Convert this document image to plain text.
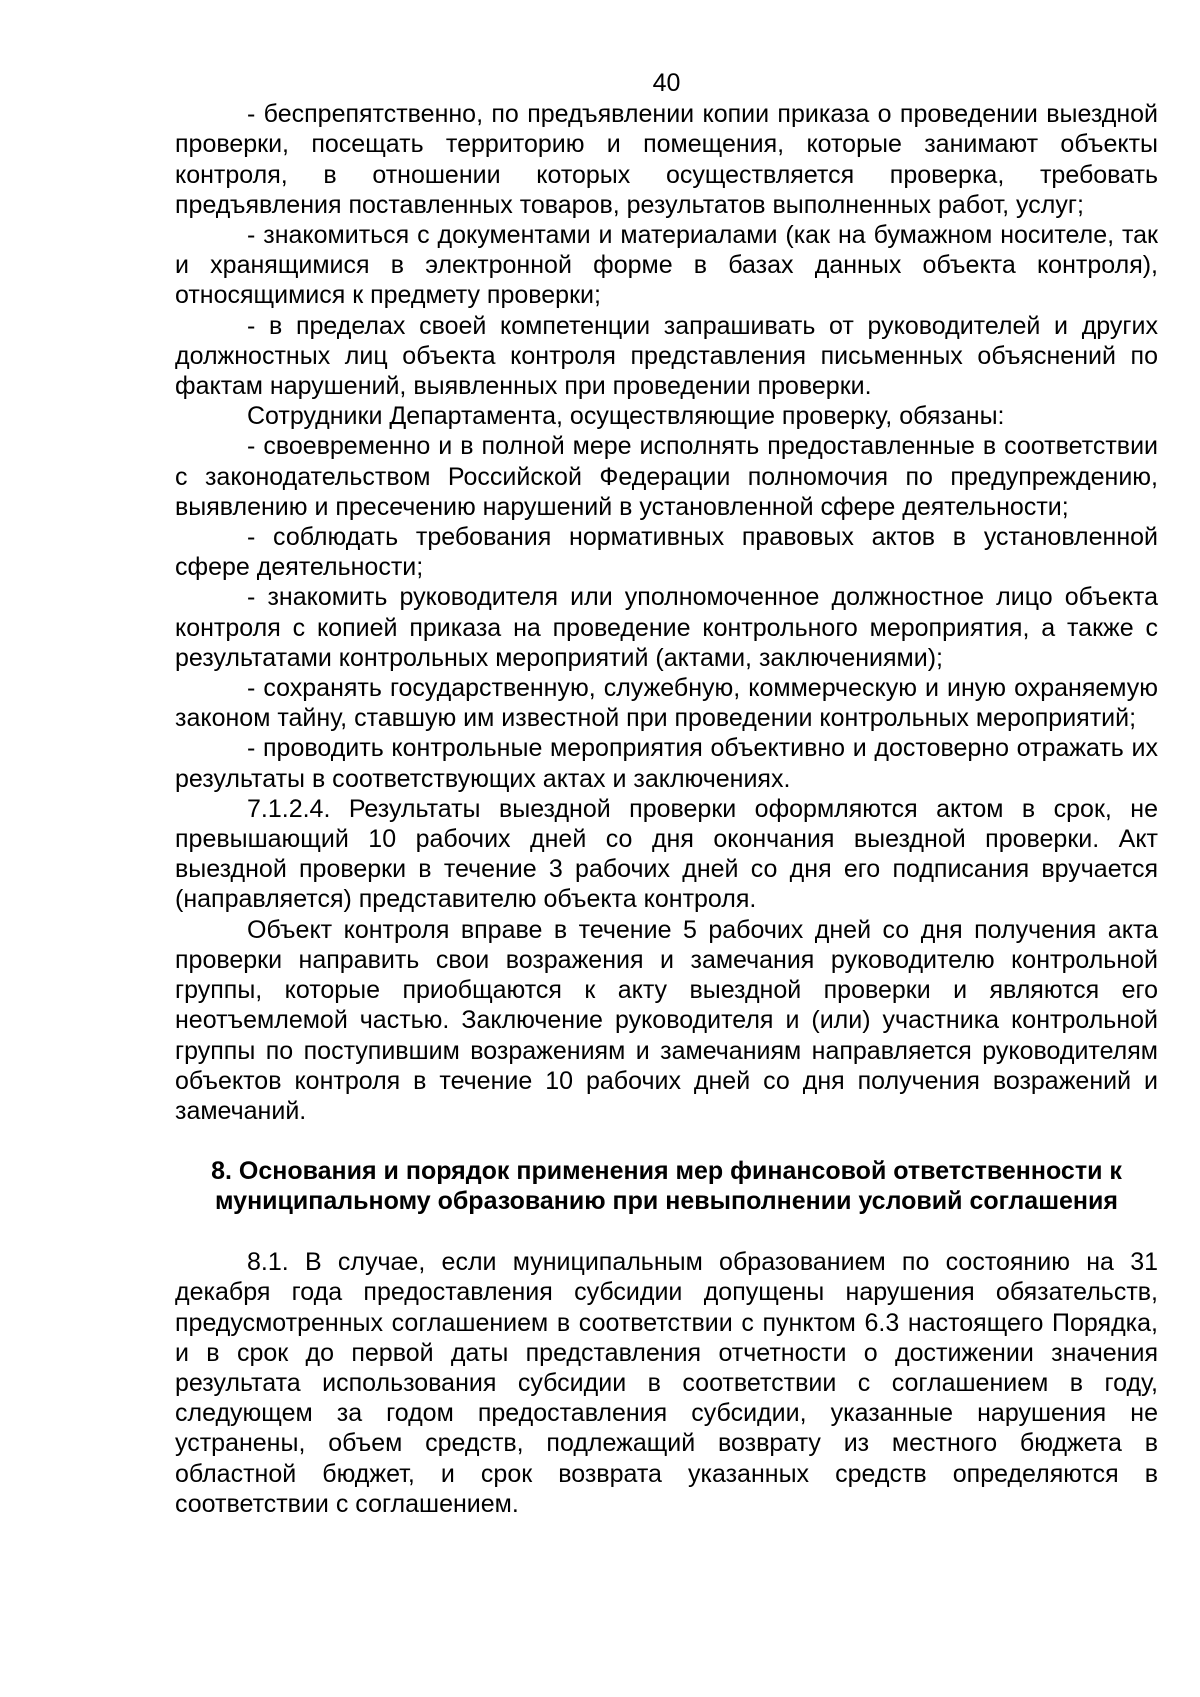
40

- беспрепятственно, по предъявлении копии приказа о проведении выездной проверки, посещать территорию и помещения, которые занимают объекты контроля, в отношении которых осуществляется проверка, требовать предъявления поставленных товаров, результатов выполненных работ, услуг;

- знакомиться с документами и материалами (как на бумажном носителе, так и хранящимися в электронной форме в базах данных объекта контроля), относящимися к предмету проверки;

- в пределах своей компетенции запрашивать от руководителей и других должностных лиц объекта контроля представления письменных объяснений по фактам нарушений, выявленных при проведении проверки.

Сотрудники Департамента, осуществляющие проверку, обязаны:

- своевременно и в полной мере исполнять предоставленные в соответствии с законодательством Российской Федерации полномочия по предупреждению, выявлению и пресечению нарушений в установленной сфере деятельности;

- соблюдать требования нормативных правовых актов в установленной сфере деятельности;

- знакомить руководителя или уполномоченное должностное лицо объекта контроля с копией приказа на проведение контрольного мероприятия, а также с результатами контрольных мероприятий (актами, заключениями);

- сохранять государственную, служебную, коммерческую и иную охраняемую законом тайну, ставшую им известной при проведении контрольных мероприятий;

- проводить контрольные мероприятия объективно и достоверно отражать их результаты в соответствующих актах и заключениях.

7.1.2.4. Результаты выездной проверки оформляются актом в срок, не превышающий 10 рабочих дней со дня окончания выездной проверки. Акт выездной проверки в течение 3 рабочих дней со дня его подписания вручается (направляется) представителю объекта контроля.

Объект контроля вправе в течение 5 рабочих дней со дня получения акта проверки направить свои возражения и замечания руководителю контрольной группы, которые приобщаются к акту выездной проверки и являются его неотъемлемой частью. Заключение руководителя и (или) участника контрольной группы по поступившим возражениям и замечаниям направляется руководителям объектов контроля в течение 10 рабочих дней со дня получения возражений и замечаний.

8. Основания и порядок применения мер финансовой ответственности к
муниципальному образованию при невыполнении условий соглашения

8.1. В случае, если муниципальным образованием по состоянию на 31 декабря года предоставления субсидии допущены нарушения обязательств, предусмотренных соглашением в соответствии с пунктом 6.3 настоящего Порядка, и в срок до первой даты представления отчетности о достижении значения результата использования субсидии в соответствии с соглашением в году, следующем за годом предоставления субсидии, указанные нарушения не устранены, объем средств, подлежащий возврату из местного бюджета в областной бюджет, и срок возврата указанных средств определяются в соответствии с соглашением.
